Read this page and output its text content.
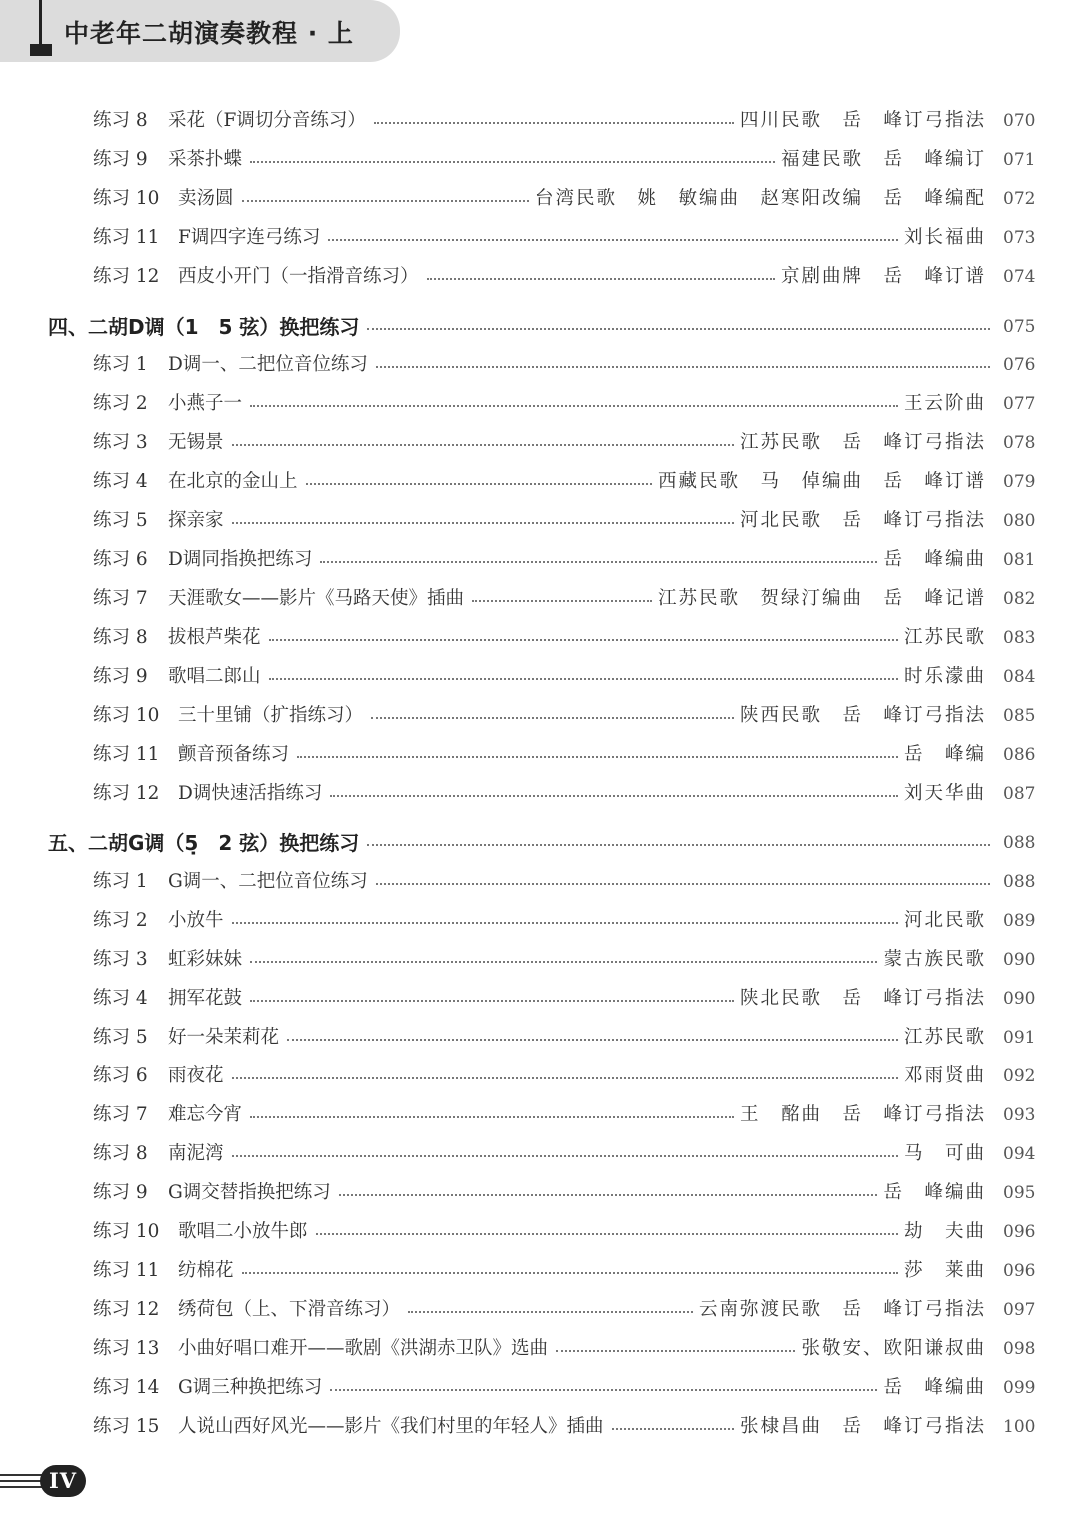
中老年二胡演奏教程 · 上
练习 8 采花（F调切分音练习）	四川民歌　岳　峰订弓指法 070
练习 9 采茶扑蝶	福建民歌　岳　峰编订 071
练习 10 卖汤圆	台湾民歌　姚　敏编曲　赵寒阳改编　岳　峰编配 072
练习 11 F调四字连弓练习	刘长福曲 073
练习 12 西皮小开门（一指滑音练习）	京剧曲牌　岳　峰订谱 074
四、二胡D调（1　5 弦）换把练习	075
练习 1 D调一、二把位音位练习	076
练习 2 小燕子一	王云阶曲 077
练习 3 无锡景	江苏民歌　岳　峰订弓指法 078
练习 4 在北京的金山上	西藏民歌　马　倬编曲　岳　峰订谱 079
练习 5 探亲家	河北民歌　岳　峰订弓指法 080
练习 6 D调同指换把练习	岳　峰编曲 081
练习 7 天涯歌女——影片《马路天使》插曲	江苏民歌　贺绿汀编曲　岳　峰记谱 082
练习 8 拔根芦柴花	江苏民歌 083
练习 9 歌唱二郎山	时乐濛曲 084
练习 10 三十里铺（扩指练习）	陕西民歌　岳　峰订弓指法 085
练习 11 颤音预备练习	岳　峰编 086
练习 12 D调快速活指练习	刘天华曲 087
五、二胡G调（5̣　2 弦）换把练习	088
练习 1 G调一、二把位音位练习	088
练习 2 小放牛	河北民歌 089
练习 3 虹彩妹妹	蒙古族民歌 090
练习 4 拥军花鼓	陕北民歌　岳　峰订弓指法 090
练习 5 好一朵茉莉花	江苏民歌 091
练习 6 雨夜花	邓雨贤曲 092
练习 7 难忘今宵	王　酩曲　岳　峰订弓指法 093
练习 8 南泥湾	马　可曲 094
练习 9 G调交替指换把练习	岳　峰编曲 095
练习 10 歌唱二小放牛郎	劫　夫曲 096
练习 11 纺棉花	莎　莱曲 096
练习 12 绣荷包（上、下滑音练习）	云南弥渡民歌　岳　峰订弓指法 097
练习 13 小曲好唱口难开——歌剧《洪湖赤卫队》选曲	张敬安、欧阳谦叔曲 098
练习 14 G调三种换把练习	岳　峰编曲 099
练习 15 人说山西好风光——影片《我们村里的年轻人》插曲	张棣昌曲　岳　峰订弓指法 100
IV
